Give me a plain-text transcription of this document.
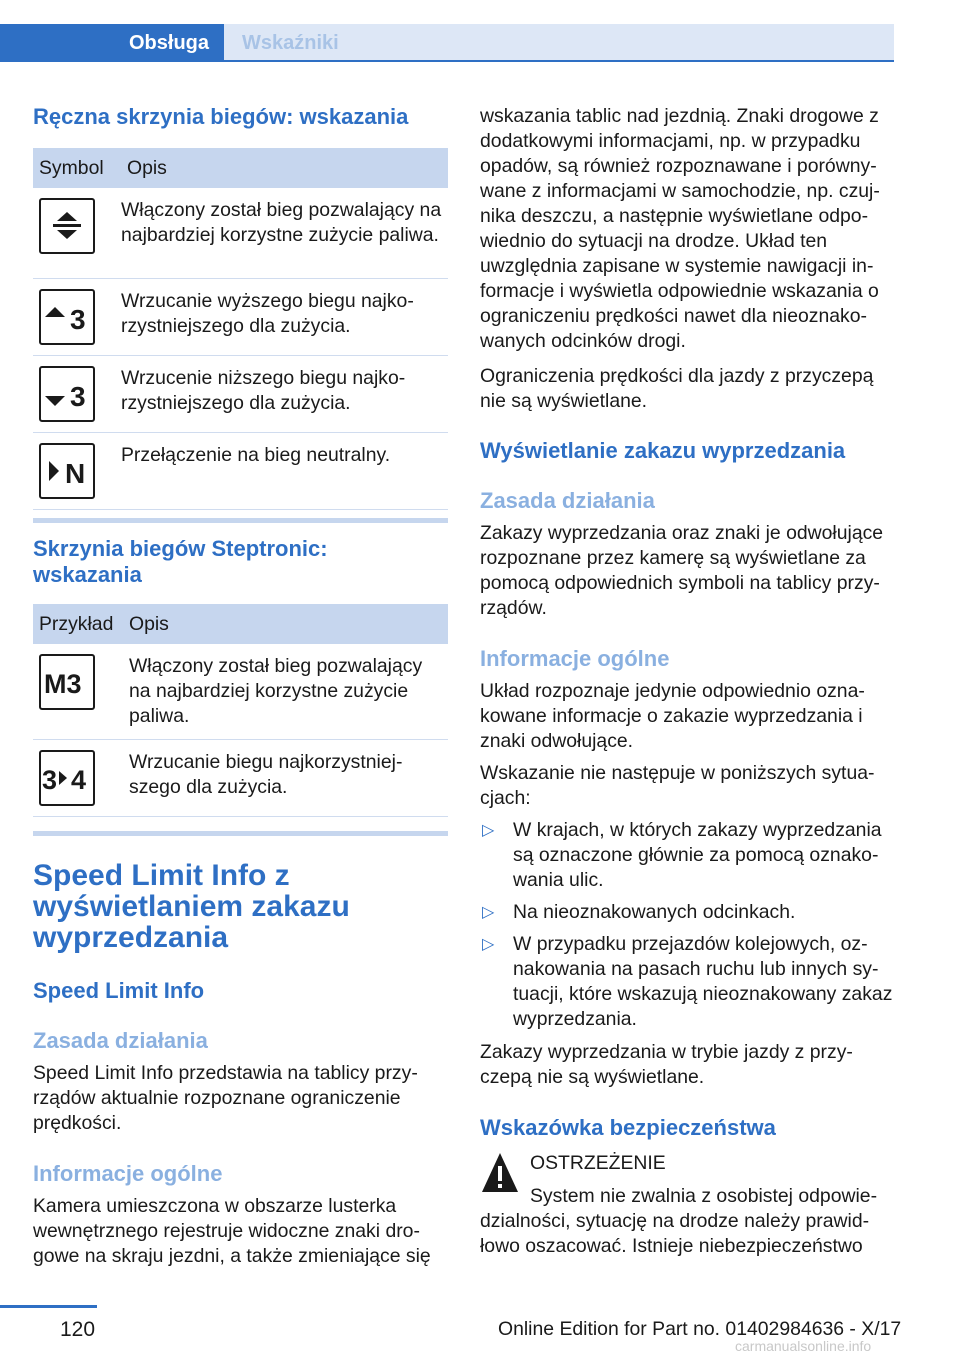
Obsługa	Wskaźniki
Ręczna skrzynia biegów: wskazania
Symbol	Opis

	Włączony został bieg pozwalający na najbardziej korzystne zużycie paliwa.

3	Wrzucanie wyższego biegu najkorzystniejszego dla zużycia.

3	Wrzucenie niższego biegu najkorzystniejszego dla zużycia.

N	Przełączenie na bieg neutralny.
Skrzynia biegów Steptronic: wskazania
Przykład	Opis

M3	Włączony został bieg pozwalający na najbardziej korzystne zużycie paliwa.

3 4	Wrzucanie biegu najkorzystniejszego dla zużycia.
Speed Limit Info z wyświetlaniem zakazu wyprzedzania
Speed Limit Info
Zasada działania

Speed Limit Info przedstawia na tablicy przyrządów aktualnie rozpoznane ograniczenie prędkości.

Informacje ogólne

Kamera umieszczona w obszarze lusterka wewnętrznego rejestruje widoczne znaki drogowe na skraju jezdni, a także zmieniające się

wskazania tablic nad jezdnią. Znaki drogowe z dodatkowymi informacjami, np. w przypadku opadów, są również rozpoznawane i porównywane z informacjami w samochodzie, np. czujnika deszczu, a następnie wyświetlane odpowiednio do sytuacji na drodze. Układ ten uwzględnia zapisane w systemie nawigacji informacje i wyświetla odpowiednie wskazania o ograniczeniu prędkości nawet dla nieoznakowanych odcinków drogi.

Ograniczenia prędkości dla jazdy z przyczepą nie są wyświetlane.

Wyświetlanie zakazu wyprzedzania
Zasada działania

Zakazy wyprzedzania oraz znaki je odwołujące rozpoznane przez kamerę są wyświetlane za pomocą odpowiednich symboli na tablicy przyrządów.

Informacje ogólne

Układ rozpoznaje jedynie odpowiednio oznakowane informacje o zakazie wyprzedzania i znaki odwołujące.

Wskazanie nie następuje w poniższych sytuacjach:

▷ W krajach, w których zakazy wyprzedzania są oznaczone głównie za pomocą oznakowania ulic.
▷ Na nieoznakowanych odcinkach.
▷ W przypadku przejazdów kolejowych, oznakowania na pasach ruchu lub innych sytuacji, które wskazują nieoznakowany zakaz wyprzedzania.

Zakazy wyprzedzania w trybie jazdy z przyczepą nie są wyświetlane.

Wskazówka bezpieczeństwa
OSTRZEŻENIE
System nie zwalnia z osobistej odpowiedzialności, sytuację na drodze należy prawidłowo oszacować. Istnieje niebezpieczeństwo
120	Online Edition for Part no. 01402984636 - X/17
carmanualsonline.info
